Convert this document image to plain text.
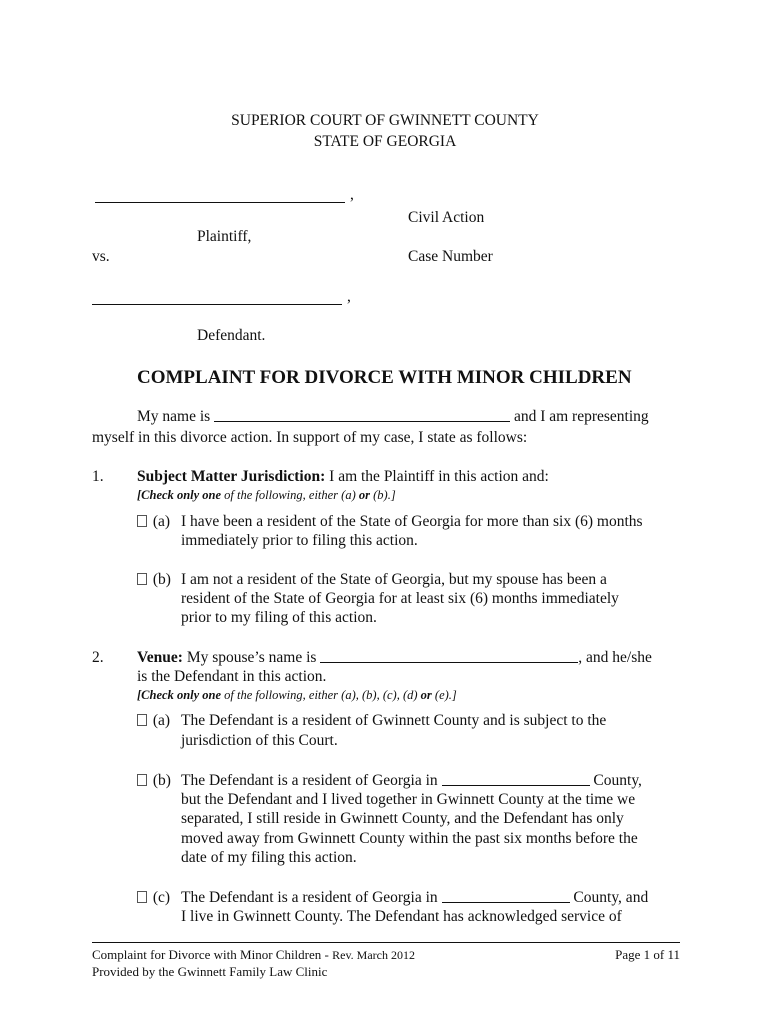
SUPERIOR COURT OF GWINNETT COUNTY
STATE OF GEORGIA
,
Plaintiff,
vs.
,
Defendant.
Civil Action
Case Number
COMPLAINT FOR DIVORCE WITH MINOR CHILDREN
My name is	and I am representing
myself in this divorce action. In support of my case, I state as follows:
1. Subject Matter Jurisdiction: I am the Plaintiff in this action and:
[Check only one of the following, either (a) or (b).]
(a) I have been a resident of the State of Georgia for more than six (6) months
immediately prior to filing this action.
(b) I am not a resident of the State of Georgia, but my spouse has been a
resident of the State of Georgia for at least six (6) months immediately
prior to my filing of this action.
2. Venue: My spouse’s name is	, and he/she
is the Defendant in this action.
[Check only one of the following, either (a), (b), (c), (d) or (e).]
(a) The Defendant is a resident of Gwinnett County and is subject to the
jurisdiction of this Court.
(b) The Defendant is a resident of Georgia in	County,
but the Defendant and I lived together in Gwinnett County at the time we
separated, I still reside in Gwinnett County, and the Defendant has only
moved away from Gwinnett County within the past six months before the
date of my filing this action.
(c) The Defendant is a resident of Georgia in	County, and
I live in Gwinnett County. The Defendant has acknowledged service of
Complaint for Divorce with Minor Children - Rev. March 2012
Provided by the Gwinnett Family Law Clinic
Page 1 of 11
